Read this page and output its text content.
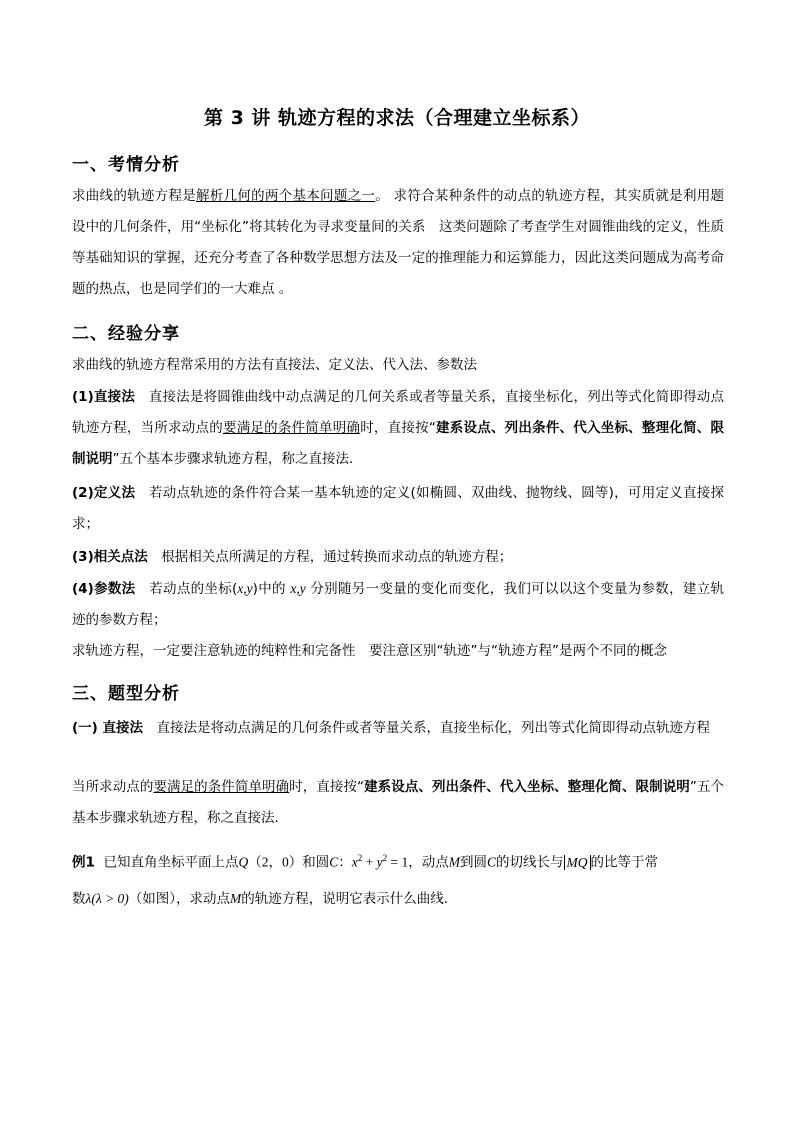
第 3 讲 轨迹方程的求法（合理建立坐标系）
一、考情分析
求曲线的轨迹方程是解析几何的两个基本问题之一。 求符合某种条件的动点的轨迹方程，其实质就是利用题设中的几何条件，用“坐标化”将其转化为寻求变量间的关系　这类问题除了考查学生对圆锥曲线的定义，性质等基础知识的掌握，还充分考查了各种数学思想方法及一定的推理能力和运算能力，因此这类问题成为高考命题的热点，也是同学们的一大难点 。
二、经验分享
求曲线的轨迹方程常采用的方法有直接法、定义法、代入法、参数法
(1)直接法　直接法是将圆锥曲线中动点满足的几何关系或者等量关系，直接坐标化，列出等式化简即得动点轨迹方程，当所求动点的要满足的条件简单明确时，直接按“建系设点、列出条件、代入坐标、整理化简、限制说明”五个基本步骤求轨迹方程，称之直接法.
(2)定义法　若动点轨迹的条件符合某一基本轨迹的定义(如椭圆、双曲线、抛物线、圆等)，可用定义直接探求；
(3)相关点法　根据相关点所满足的方程，通过转换而求动点的轨迹方程；
(4)参数法　若动点的坐标(x,y)中的 x,y 分别随另一变量的变化而变化，我们可以以这个变量为参数，建立轨迹的参数方程；
求轨迹方程，一定要注意轨迹的纯粹性和完备性　要注意区别“轨迹”与“轨迹方程”是两个不同的概念
三、题型分析
(一) 直接法　直接法是将动点满足的几何条件或者等量关系，直接坐标化，列出等式化简即得动点轨迹方程
当所求动点的要满足的条件简单明确时，直接按“建系设点、列出条件、代入坐标、整理化简、限制说明”五个基本步骤求轨迹方程，称之直接法.
例1 已知直角坐标平面上点Q（2，0）和圆C：$x^2 + y^2 = 1$，动点M到圆C的切线长与 MQ 的比等于常
数λ(λ > 0)（如图），求动点M的轨迹方程，说明它表示什么曲线.
